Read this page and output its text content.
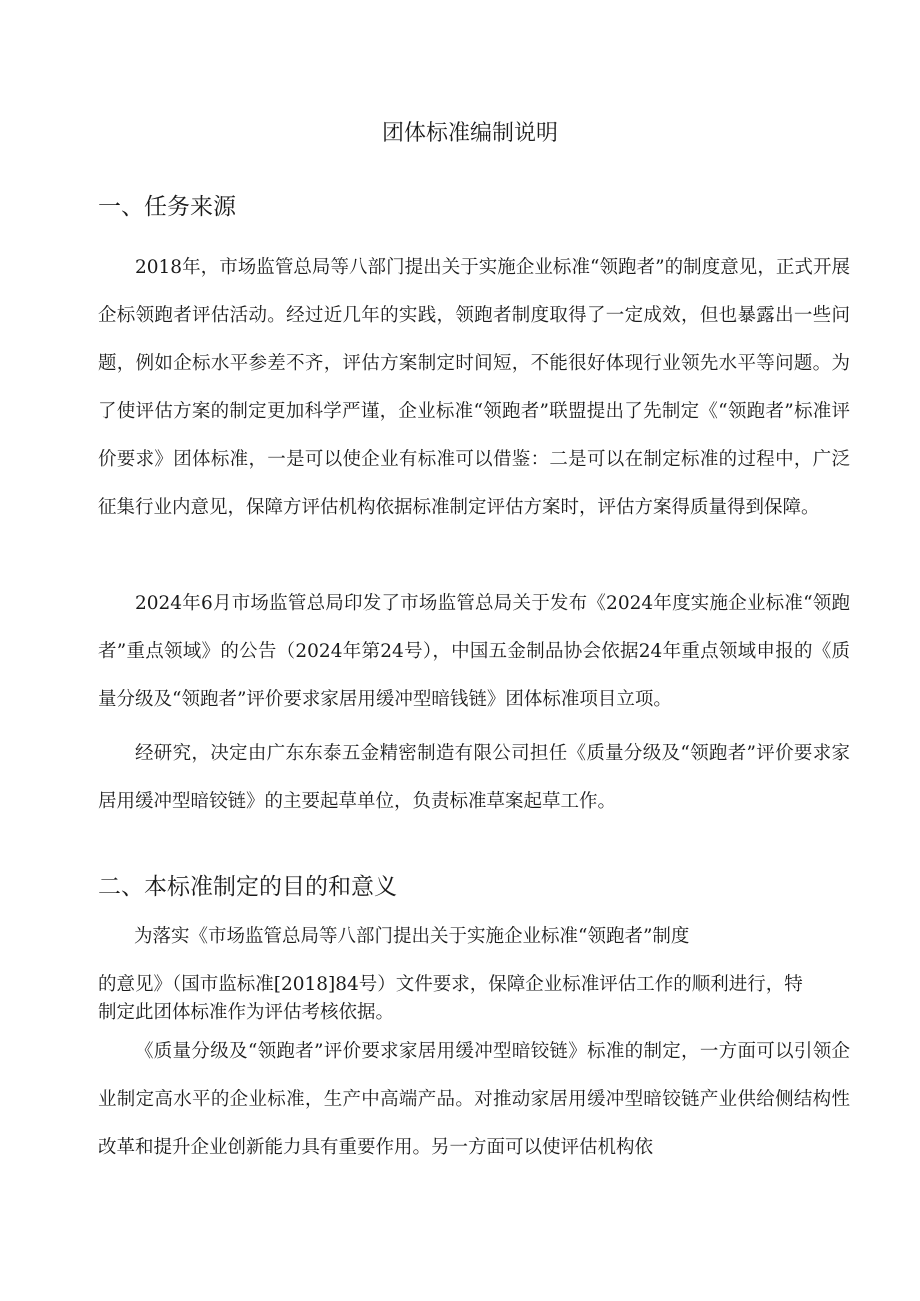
团体标准编制说明
一、任务来源

2018年，市场监管总局等八部门提出关于实施企业标准“领跑者”的制度意见，正式开展企标领跑者评估活动。经过近几年的实践，领跑者制度取得了一定成效，但也暴露出一些问题，例如企标水平参差不齐，评估方案制定时间短，不能很好体现行业领先水平等问题。为了使评估方案的制定更加科学严谨，企业标准“领跑者”联盟提出了先制定《“领跑者”标准评价要求》团体标准，一是可以使企业有标准可以借鉴：二是可以在制定标准的过程中，广泛征集行业内意见，保障方评估机构依据标准制定评估方案时，评估方案得质量得到保障。

2024年6月市场监管总局印发了市场监管总局关于发布《2024年度实施企业标准“领跑者”重点领域》的公告（2024年第24号），中国五金制品协会依据24年重点领域申报的《质量分级及“领跑者”评价要求家居用缓冲型暗钱链》团体标准项目立项。

经研究，决定由广东东泰五金精密制造有限公司担任《质量分级及“领跑者”评价要求家居用缓冲型暗铰链》的主要起草单位，负责标准草案起草工作。

二、本标准制定的目的和意义

为落实《市场监管总局等八部门提出关于实施企业标准“领跑者”制度

的意见》（国市监标准[2018]84号）文件要求，保障企业标准评估工作的顺利进行，特

制定此团体标准作为评估考核依据。

《质量分级及“领跑者”评价要求家居用缓冲型暗铰链》标准的制定，一方面可以引领企业制定高水平的企业标准，生产中高端产品。对推动家居用缓冲型暗铰链产业供给侧结构性改革和提升企业创新能力具有重要作用。另一方面可以使评估机构依
